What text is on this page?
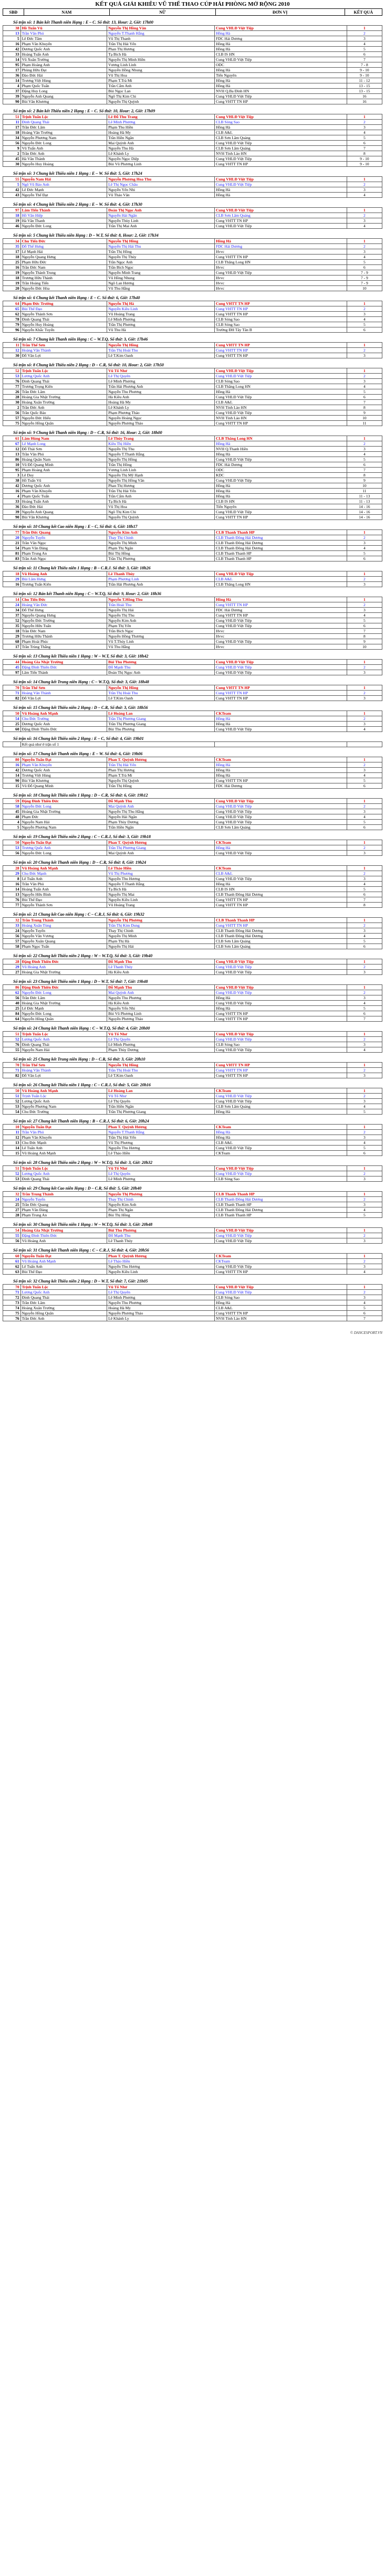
KẾT QUẢ GIẢI KHIÊU VŨ THỂ THAO CÚP HẢI PHÒNG MỞ RỘNG 2010
SBĐ	NAM	NỮ	ĐƠN VỊ	KẾT QUẢ
Số trận số: 1 Bán kết Thanh niên Hạng : E – C. Số thứ: 13, Hour: 2, Giờ: 17h00
38	Hồ Tuấn Vũ	Nguyễn Thị Hồng Vân	Cung VHLĐ Việt Tiệp	1
13	Trần Văn Phú	Nguyễn T.Thanh Hằng	Hồng Hà	2
5	Lê Đức Tâm	Vũ Thị Thanh	FDC Hải Dương	3
16	Phạm Văn Khuyến	Trần Thị Hải Yến	Hồng Hà	4
42	Dương Quốc Anh	Phan Thị Hương	Hồng Hà	5
33	Hoàng Tuấn Anh	Tạ Bích Hà	CLB IS HN	6
14	Vũ Xuân Trường	Nguyễn Thị Minh Hiền	Cung VHLĐ Việt Tiệp	7
95	Phạm Hoàng Anh	Vương Linh Linh	ODC	7 - 8
17	Phùng Hữu Đạt	Nguyễn Hồng Nhung	Hồng Hà	9 - 10
36	Đào Đức Hải	Vũ Thị Hoa	Tiến Nguyên	9 - 10
14	Trương Việt Hùng	Phạm T.Trà Mi	Hồng Hà	11 - 12
4	Phạm Quốc Tuấn	Trần Cẩm Anh	Hồng Hà	13 - 15
37	Đặng Huy Long	Bùi Ngọc Lan	NVH Q.Ba Đình HN	13 - 15
39	Nguyễn Anh Quang	Ngô Thị Kim Chi	Cung VHLĐ Việt Tiệp	16
90	Bùi Văn Khương	Nguyễn Thị Quỳnh	Cung VHTT TN HP	16
Số trận số: 2 Bán kết Thiếu niên 2 Hạng : E – C. Số thứ: 10, Hour: 2, Giờ: 17h09
51	Trịnh Tuấn Lộc	Lê Đỗ Thu Trang	Cung VHLĐ Việt Tiệp	1
11	Đinh Quang Thái	Lê Minh Phương	CLB Sóng Sao	2
17	Trần Đức Lâm	Phạm Thu Hiền	Hồng Hà	3
18	Hoàng Văn Trường	Hoàng Hà My	CLB A&L	4
34	Nguyễn Phương Nam	Trần Hiền Ngân	CLB Sơn Lâm Quảng	5
56	Nguyễn Đức Long	Mai Quỳnh Anh	Cung VHLĐ Việt Tiệp	6
9	Vũ Tuấn Anh	Nguyễn Thu Hà	CLB Sơn Lâm Quảng	7
2	Trần Đức Anh	Lê Khánh Ly	NVH Tỉnh Lào HN	8
45	Hà Văn Thành	Nguyễn Ngọc Diệp	Cung VHLĐ Việt Tiệp	9 - 10
30	Nguyễn Huy Hoàng	Bùi Vũ Phương Linh	Cung VHTT TN HP	9 - 10
Số trận số: 3 Chung kết Thiếu niên 1 Hạng : E – W. Số thứ: 5, Giờ: 17h24
55	Nguyễn Nam Hải	Nguyễn Phương Hoa Thu	Cung VHLĐ Việt Tiệp	1
5	Ngô Vũ Bảo Anh	Lê Thị Ngọc Châu	Cung VHLĐ Việt Tiệp	2
42	Lê Đức Mạnh	Nguyễn Yến Nhi	Hồng Hà	3
43	Nguyễn Thế Đạt	Vũ Thảo Vân	Hồng Hà	4
Số trận số: 4 Chung kết Thiếu niên 2 Hạng : E – W. Số thứ: 4, Giờ: 17h30
97	Lâm Tiến Thành	Đoàn Thị Ngọc Anh	Cung VHLĐ Việt Tiệp	1
18	Hồ Văn Hiệp	Nguyễn Hải Ngân	CLB Sơn Lâm Quảng	2
19	Hà Văn Thanh	Nguyễn Thùy Linh	Cung VHTT TN HP	3
46	Nguyễn Đức Long	Trần Thị Mai Anh	Cung VHLĐ Việt Tiệp	4
Số trận số: 5 Chung kết Thiếu niên Hạng : D – W.T, Số thứ: 8, Hour: 2, Giờ: 17h34
34	Chu Tiến Đức	Nguyễn Thị Hồng	Hồng Hà	1
35	Đỗ Thế Hưng	Nguyễn Thị Hải Thu	FDC Hải Dương	2
17	Lê Mạnh Hải	Trần Thị Hồng	Hvvc	3
18	Nguyễn Quang Hưng	Nguyễn Thị Thúy	Cung VHTT TN HP	4
25	Phạm Hữu Đức	Trần Ngọc Anh	CLB Thăng Long HN	5
16	Trần Đức Nam	Trần Bích Ngọc	Hvvc	6
19	Nguyễn Thành Trung	Nguyễn Minh Trang	Cung VHLĐ Việt Tiệp	7 - 9
18	Trương Hữu Thành	Vũ Hồng Nhung	Hvvc	7 - 9
19	Trần Hoàng Tiến	Ngô Lan Hương	Hvvc	7 - 9
20	Nguyễn Đức Hòa	Vũ Thu Hằng	Hvvc	10
Số trận số: 6 Chung kết Thanh niên Hạng : E – C. Số thứ: 6, Giờ: 17h40
64	Phạm Đức Trường	Nguyễn Thị Hà	Cung VHTT TN HP	1
65	Bùi Thế Đạo	Nguyễn Kiều Linh	Cung VHTT TN HP	2
62	Nguyễn Thành Sơn	Vũ Hoàng Trang	Cung VHTT TN HP	3
78	Đinh Quang Thái	Lê Minh Phương	CLB Sóng Sao	4
79	Nguyễn Huy Hoàng	Trần Thị Phương	CLB Sóng Sao	5
96	Nguyễn Khắc Tuyến	Vũ Thu Hà	Trường ĐH Tây Tân B	6
Số trận số: 7 Chung kết Thanh niên Hạng : C – W.T.Q, Số thứ: 3, Giờ: 17h46
11	Trần Thế Sơn	Nguyễn Thị Hồng	Cung VHTT TN HP	1
12	Hoàng Văn Thành	Trần Thị Hoài Thu	Cung VHTT TN HP	2
30	Đỗ Văn Lợi	Lê T.Kim Oanh	Cung VHTT TN HP	3
Số trận số: 8 Chung kết Thiếu niên 2 Hạng : D – C.R, Số thứ: 10, Hour: 2, Giờ: 17h50
52	Trịnh Tuấn Lộc	Vũ Tố Như	Cung VHLĐ Việt Tiệp	1
53	Lương Quốc Anh	Lê Thị Quyên	Cung VHLĐ Việt Tiệp	2
76	Đinh Quang Thái	Lê Minh Phương	CLB Sóng Sao	3
77	Trương Trọng Kiên	Trần Hải Phương Anh	CLB Thăng Long HN	4
26	Trần Đức Lâm	Nguyễn Thu Phương	Hồng Hà	5
28	Hoàng Gia Nhật Trường	Hà Kiều Anh	Cung VHLĐ Việt Tiệp	6
30	Hoàng Xuân Trường	Hoàng Hà My	CLB A&L	7
2	Trần Đức Anh	Lê Khánh Ly	NVH Tỉnh Lào HN	8
56	Trần Quốc Bảo	Phạm Phương Thảo	Cung VHLĐ Việt Tiệp	9
57	Nguyễn Đức Hiếu	Nguyễn Hoàng Ngọc	NVH Tỉnh Lào HN	10
75	Nguyễn Hồng Quân	Nguyễn Phương Thảo	Cung VHTT TN HP	11
Số trận số: 9 Chung kết Thanh niên Hạng : D – C.R, Số thứ: 16, Hour: 2, Giờ: 18h00
61	Lâm Hùng Nam	Lê Thùy Trang	CLB Thăng Long HN	1
67	Lê Mạnh Long	Kiều Thị Hiền	Hồng Hà	2
12	Đỗ Thái Sơn	Nguyễn Thị Thu	NVH Q.Thanh Hiền	3
13	Trần Văn Phú	Nguyễn T.Thanh Hằng	Hồng Hà	4
86	Hoàng Quân Nam	Nguyễn Thị Hồng	Cung VHLĐ Việt Tiệp	5
10	Vũ Đỗ Quang Minh	Trần Thị Hồng	FDC Hải Dương	6
95	Phạm Hoàng Anh	Vương Linh Linh	ODC	7
3	Lê Duy	Nguyễn Thị Mỹ Hạnh	KDC	8
38	Hồ Tuấn Vũ	Nguyễn Thị Hồng Vân	Cung VHLĐ Việt Tiệp	9
42	Dương Quốc Anh	Phan Thị Hương	Hồng Hà	10
16	Phạm Văn Khuyến	Trần Thị Hải Yến	Hồng Hà	11
4	Phạm Quốc Tuấn	Trần Cẩm Anh	Hồng Hà	11 - 13
33	Hoàng Tuấn Anh	Tạ Bích Hà	CLB IS HN	11 - 13
36	Đào Đức Hải	Vũ Thị Hoa	Tiến Nguyên	14 - 16
39	Nguyễn Anh Quang	Ngô Thị Kim Chi	Cung VHLĐ Việt Tiệp	14 - 16
90	Bùi Văn Khương	Nguyễn Thị Quỳnh	Cung VHTT TN HP	14 - 16
Số trận số: 10 Chung kết Cao niên Hạng : E – C, Số thứ: 6, Giờ: 18h17
77	Trần Đức Quang	Nguyễn Kim Anh	CLB Thanh Thanh HP	1
20	Nguyễn Tuyến	Thay Thị Chinh	CLB Thanh Đông Hải Dương	2
21	Trần Văn Ngọc	Nguyễn Thị Minh	CLB Thanh Đông Hải Dương	3
54	Phạm Văn Đàng	Phạm Thị Ngân	CLB Thanh Đông Hải Dương	4
81	Phạm Trung An	Bùi Thị Hồng	CLB Thanh Thanh HP	5
83	Trần Anh Ngọc	Trần Thị Phương	CLB Thanh Thanh HP	6
Số trận số: 11 Chung kết Thiếu niên 1 Hạng : B – C.R.J. Số thứ: 3, Giờ: 18h26
18	Vũ Hoàng Anh	Lê Thanh Thúy	Cung VHLĐ Việt Tiệp	1
29	Bùi Lâm Hưng	Phạm Phương Linh	CLB A&L	2
16	Trương Tuấn Kiên	Trần Hải Phương Anh	CLB Thăng Long HN	3
Số trận số: 12 Bán kết Thanh niên Hạng : C – W.T.Q, Số thứ: 9, Hour: 2, Giờ: 18h36
14	Chu Tiến Đức	Nguyễn T.Hồng Thu	Hồng Hà	1
24	Hoàng Văn Đức	Trần Hoài Thu	Cung VHTT TN HP	2
34	Đỗ Thế Hưng	Nguyễn Thị Hải	FDC Hải Dương	3
37	Nguyễn Quang Hưng	Nguyễn Thị Thu	Cung VHTT TN HP	4
52	Nguyễn Đức Trường	Nguyễn Kim Anh	Cung VHLĐ Việt Tiệp	5
35	Nguyễn Hữu Tuấn	Phạm Thị Yến	Cung VHLĐ Việt Tiệp	6
18	Trần Đức Nam	Trần Bích Ngọc	Hvvc	7
29	Trương Hữu Thành	Nguyễn Hồng Thương	Hvvc	8
68	Phạm Hoài Phúc	Vũ T.Thúy Linh	Cung VHLĐ Việt Tiệp	9
17	Trần Trùng Thắng	Vũ Thu Hằng	Hvvc	10
Số trận số: 13 Chung kết Thiếu niên 1 Hạng : W – W.T, Số thứ: 3, Giờ: 18h42
44	Hoàng Gia Nhật Trường	Bùi Thu Phương	Cung VHLĐ Việt Tiệp	1
45	Đặng Đình Thiên Đức	Đỗ Mạnh Thu	Cung VHLĐ Việt Tiệp	2
97	Lâm Tiến Thành	Đoàn Thị Ngọc Anh	Cung VHLĐ Việt Tiệp	3
Số trận số: 14 Chung kết Trung niên Hạng : C – W.T.Q, Số thứ: 3, Giờ: 18h48
70	Trần Thế Sơn	Nguyễn Thị Hồng	Cung VHTT TN HP	1
71	Hoàng Văn Thành	Trần Thị Hoài Thu	Cung VHTT TN HP	2
82	Đỗ Văn Lợi	Lê T.Kim Oanh	Cung VHTT TN HP	3
Số trận số: 15 Chung kết Thiếu niên 2 Hạng : D – C.R, Số thứ: 3, Giờ: 18h56
50	Vũ Hoàng Anh Mạnh	Lê Hoàng Lan	CKTeam	1
54	Chu Đức Trường	Trần Thị Phương Giang	Hồng Hà	2
25	Dương Quốc Anh	Trần Thị Phương Giang	Hồng Hà	3
60	Đặng Đình Thiên Đức	Bùi Thu Phương	Cung VHLĐ Việt Tiệp	4
Số trận số: 16 Chung kết Thiếu niên 2 Hạng : E – C, Số thứ: 4, Giờ: 19h01
	Kết quả như ở trận số 1			
Số trận số: 17 Chung kết Thanh niên Hạng : E – W. Số thứ: 6, Giờ: 19h06
80	Nguyễn Tuấn Đạt	Phan T. Quỳnh Hương	CKTeam	1
16	Phạm Văn Khuyến	Trần Thị Hải Yến	Hồng Hà	2
42	Dương Quốc Anh	Phan Thị Hương	Hồng Hà	3
14	Trương Việt Hùng	Phạm T.Trà Mi	Hồng Hà	4
90	Bùi Văn Khương	Nguyễn Thị Quỳnh	Cung VHTT TN HP	5
15	Vũ Đỗ Quang Minh	Trần Thị Hồng	FDC Hải Dương	6
Số trận số: 18 Chung kết Thiếu niên 1 Hạng : D – C.R, Số thứ: 6, Giờ: 19h12
59	Đặng Đình Thiên Đức	Đỗ Mạnh Thu	Cung VHLĐ Việt Tiệp	1
58	Nguyễn Đức Long	Mai Quỳnh Anh	Cung VHLĐ Việt Tiệp	2
45	Hoàng Gia Nhật Trường	Nguyễn Thị Thu Hằng	Cung VHLĐ Việt Tiệp	3
48	Phạm Đức	Nguyễn Hải Ngân	Cung VHLĐ Việt Tiệp	4
4	Nguyễn Nam Hải	Phạm Thùy Dương	Cung VHLĐ Việt Tiệp	5
5	Nguyễn Phương Nam	Trần Hiền Ngân	CLB Sơn Lâm Quảng	6
Số trận số: 19 Chung kết Thiếu niên 2 Hạng : C – C.R.J, Số thứ: 3, Giờ: 19h18
50	Nguyễn Tuấn Đạt	Phan T. Quỳnh Hương	CKTeam	1
53	Trương Quốc Anh	Trần Thị Phương Giang	Hồng Hà	2
56	Nguyễn Đức Long	Mai Quỳnh Anh	Cung VHLĐ Việt Tiệp	3
Số trận số: 20 Chung kết Thanh niên Hạng : D – C.R, Số thứ: 8, Giờ: 19h24
28	Vũ Hoàng Anh Mạnh	Lê Thảo Hiền	CKTeam	1
29	Chu Đức Mạnh	Vũ Thị Phương	CLB A&L	2
8	Lê Tuấn Anh	Nguyễn Thu Hương	Cung VHLĐ Việt Tiệp	3
16	Trần Văn Phú	Nguyễn T.Thanh Hằng	Hồng Hà	4
14	Hoàng Tuấn Anh	Tạ Bích Hà	CLB IS HN	5
13	Nguyễn Hữu Bình	Nguyễn Thị Mai	CLB Thanh Đông Hải Dương	6
76	Bùi Thế Đạo	Nguyễn Kiều Linh	Cung VHTT TN HP	7
77	Nguyễn Thành Sơn	Vũ Hoàng Trang	Cung VHTT TN HP	8
Số trận số: 21 Chung kết Cao niên Hạng : C – C.R.J, Số thứ: 6, Giờ: 19h32
32	Trần Trung Thành	Nguyễn Thị Phương	CLB Thanh Thanh HP	1
33	Hoàng Xuân Tùng	Trần Thị Kim Dung	Cung VHTT TN HP	2
24	Nguyễn Tuyến	Thay Thị Chinh	CLB Thanh Đông Hải Dương	3
56	Nguyễn Văn Vương	Nguyễn Thị Minh	CLB Thanh Đông Hải Dương	4
57	Nguyễn Xuân Quang	Phạm Thị Hà	CLB Sơn Lâm Quảng	5
58	Phạm Ngọc Tuấn	Nguyễn Thị Hải	CLB Sơn Lâm Quảng	6
Số trận số: 22 Chung kết Thiếu niên 2 Hạng : W – W.T.Q, Số thứ: 3, Giờ: 19h40
28	Đặng Đình Thiên Đức	Đỗ Mạnh Thu	Cung VHLĐ Việt Tiệp	1
29	Vũ Hoàng Anh	Lê Thanh Thúy	Cung VHLĐ Việt Tiệp	2
27	Hoàng Gia Nhật Trường	Hà Kiều Anh	Cung VHLĐ Việt Tiệp	3
Số trận số: 23 Chung kết Thiếu niên 1 Hạng : D – W.T, Số thứ: 7, Giờ: 19h48
86	Đặng Đình Thiên Đức	Đỗ Mạnh Thu	Cung VHLĐ Việt Tiệp	1
62	Nguyễn Đức Long	Mai Quỳnh Anh	Cung VHLĐ Việt Tiệp	2
56	Trần Đức Lâm	Nguyễn Thu Phương	Hồng Hà	3
40	Hoàng Gia Nhật Trường	Hà Kiều Anh	Cung VHLĐ Việt Tiệp	4
25	Lê Đức Mạnh	Nguyễn Yến Nhi	Hồng Hà	5
84	Nguyễn Đức Long	Bùi Vũ Phương Linh	Cung VHTT TN HP	6
64	Nguyễn Hồng Quân	Nguyễn Phương Thảo	Cung VHTT TN HP	7
Số trận số: 24 Chung kết Thanh niên Hạng : C – W.T.Q, Số thứ: 4, Giờ: 20h00
51	Trịnh Tuấn Lộc	Vũ Tố Như	Cung VHLĐ Việt Tiệp	1
52	Lương Quốc Anh	Lê Thị Quyên	Cung VHLĐ Việt Tiệp	2
76	Đinh Quang Thái	Lê Minh Phương	CLB Sóng Sao	3
55	Nguyễn Nam Hải	Phạm Thùy Dương	Cung VHLĐ Việt Tiệp	4
Số trận số: 25 Chung kết Trung niên Hạng : D – C.R, Số thứ: 3, Giờ: 20h10
70	Trần Thế Sơn	Nguyễn Thị Hồng	Cung VHTT TN HP	1
71	Hoàng Văn Thành	Trần Thị Hoài Thu	Cung VHTT TN HP	2
82	Đỗ Văn Lợi	Lê T.Kim Oanh	Cung VHTT TN HP	3
Số trận số: 26 Chung kết Thiếu niên 1 Hạng : C – C.R.J, Số thứ: 5, Giờ: 20h16
50	Vũ Hoàng Anh Mạnh	Lê Hoàng Lan	CKTeam	1
51	Trịnh Tuấn Lộc	Vũ Tố Như	Cung VHLĐ Việt Tiệp	2
52	Lương Quốc Anh	Lê Thị Quyên	Cung VHLĐ Việt Tiệp	3
53	Nguyễn Phương Nam	Trần Hiền Ngân	CLB Sơn Lâm Quảng	4
54	Chu Đức Trường	Trần Thị Phương Giang	Hồng Hà	5
Số trận số: 27 Chung kết Thanh niên Hạng : B – C.R.J, Số thứ: 6, Giờ: 20h24
10	Nguyễn Tuấn Đạt	Phan T. Quỳnh Hương	CKTeam	1
11	Trần Văn Phú	Nguyễn T.Thanh Hằng	Hồng Hà	2
12	Phạm Văn Khuyến	Trần Thị Hải Yến	Hồng Hà	3
13	Chu Đức Mạnh	Vũ Thị Phương	CLB A&L	4
14	Lê Tuấn Anh	Nguyễn Thu Hương	Cung VHLĐ Việt Tiệp	5
15	Vũ Hoàng Anh Mạnh	Lê Thảo Hiền	CKTeam	6
Số trận số: 28 Chung kết Thiếu niên 2 Hạng : W – W.T.Q, Số thứ: 3, Giờ: 20h32
51	Trịnh Tuấn Lộc	Vũ Tố Như	Cung VHLĐ Việt Tiệp	1
52	Lương Quốc Anh	Lê Thị Quyên	Cung VHLĐ Việt Tiệp	2
53	Đinh Quang Thái	Lê Minh Phương	CLB Sóng Sao	3
Số trận số: 29 Chung kết Cao niên Hạng : D – C.R, Số thứ: 5, Giờ: 20h40
32	Trần Trung Thành	Nguyễn Thị Phương	CLB Thanh Thanh HP	1
24	Nguyễn Tuyến	Thay Thị Chinh	CLB Thanh Đông Hải Dương	2
25	Trần Đức Quang	Nguyễn Kim Anh	CLB Thanh Thanh HP	3
27	Phạm Văn Đàng	Phạm Thị Ngân	CLB Thanh Đông Hải Dương	4
28	Phạm Trung An	Bùi Thị Hồng	CLB Thanh Thanh HP	5
Số trận số: 30 Chung kết Thiếu niên 1 Hạng : W – W.T.Q, Số thứ: 3, Giờ: 20h48
54	Hoàng Gia Nhật Trường	Bùi Thu Phương	Cung VHLĐ Việt Tiệp	1
55	Đặng Đình Thiên Đức	Đỗ Mạnh Thu	Cung VHLĐ Việt Tiệp	2
56	Vũ Hoàng Anh	Lê Thanh Thúy	Cung VHLĐ Việt Tiệp	3
Số trận số: 31 Chung kết Thanh niên Hạng : C – C.R.J, Số thứ: 4, Giờ: 20h56
60	Nguyễn Tuấn Đạt	Phan T. Quỳnh Hương	CKTeam	1
61	Vũ Hoàng Anh Mạnh	Lê Thảo Hiền	CKTeam	2
62	Lê Tuấn Anh	Nguyễn Thu Hương	Cung VHLĐ Việt Tiệp	3
63	Bùi Thế Đạo	Nguyễn Kiều Linh	Cung VHTT TN HP	4
Số trận số: 32 Chung kết Thiếu niên 2 Hạng : D – W.T, Số thứ: 7, Giờ: 21h05
70	Trịnh Tuấn Lộc	Vũ Tố Như	Cung VHLĐ Việt Tiệp	1
71	Lương Quốc Anh	Lê Thị Quyên	Cung VHLĐ Việt Tiệp	2
72	Đinh Quang Thái	Lê Minh Phương	CLB Sóng Sao	3
73	Trần Đức Lâm	Nguyễn Thu Phương	Hồng Hà	4
74	Hoàng Xuân Trường	Hoàng Hà My	CLB A&L	5
75	Nguyễn Hồng Quân	Nguyễn Phương Thảo	Cung VHTT TN HP	6
76	Trần Đức Anh	Lê Khánh Ly	NVH Tỉnh Lào HN	7
© DANCESPORT.VN
